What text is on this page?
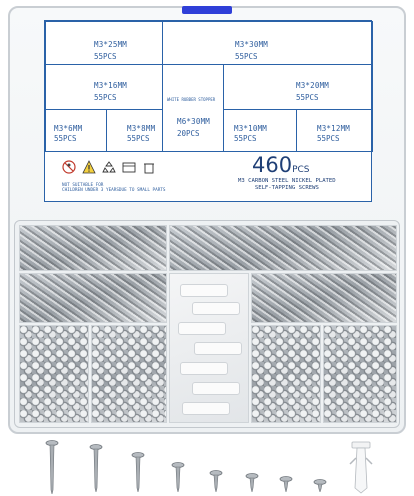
M3*25MM
55PCS
M3*30MM
55PCS
M3*16MM
55PCS	WHITE RUBBER STOPPER
M6*30MM
20PCS
M3*20MM
55PCS
M3*6MM
55PCS
M3*8MM
55PCS
M3*10MM
55PCS
M3*12MM
55PCS
NOT SUITABLE FOR
CHILDREN UNDER 3 YEARSDUE TO SMALL PARTS
460PCS
M3 CARBON STEEL NICKEL PLATED
SELF-TAPPING SCREWS
